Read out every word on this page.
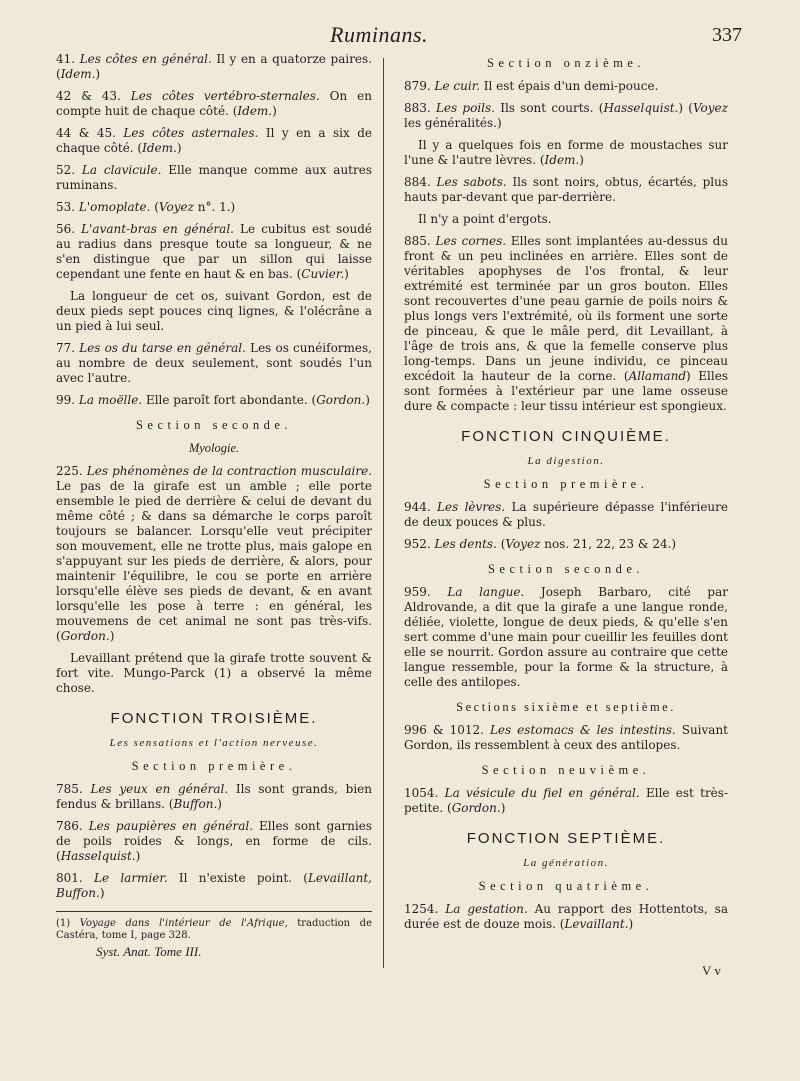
Ruminans.	337

41. Les côtes en général. Il y en a quatorze paires. (Idem.)

42 & 43. Les côtes vertébro-sternales. On en compte huit de chaque côté. (Idem.)

44 & 45. Les côtes asternales. Il y en a six de chaque côté. (Idem.)

52. La clavicule. Elle manque comme aux autres ruminans.

53. L'omoplate. (Voyez n°. 1.)

56. L'avant-bras en général. Le cubitus est soudé au radius dans presque toute sa longueur, & ne s'en distingue que par un sillon qui laisse cependant une fente en haut & en bas. (Cuvier.)

La longueur de cet os, suivant Gordon, est de deux pieds sept pouces cinq lignes, & l'olécrâne a un pied à lui seul.

77. Les os du tarse en général. Les os cunéiformes, au nombre de deux seulement, sont soudés l'un avec l'autre.

99. La moëlle. Elle paroît fort abondante. (Gordon.)

Section seconde.
Myologie.

225. Les phénomènes de la contraction musculaire. Le pas de la girafe est un amble ; elle porte ensemble le pied de derrière & celui de devant du même côté ; & dans sa démarche le corps paroît toujours se balancer. Lorsqu'elle veut précipiter son mouvement, elle ne trotte plus, mais galope en s'appuyant sur les pieds de derrière, & alors, pour maintenir l'équilibre, le cou se porte en arrière lorsqu'elle élève ses pieds de devant, & en avant lorsqu'elle les pose à terre : en général, les mouvemens de cet animal ne sont pas très-vifs. (Gordon.)

Levaillant prétend que la girafe trotte souvent & fort vite. Mungo-Parck (1) a observé la même chose.

FONCTION TROISIÈME.
Les sensations et l'action nerveuse.
Section première.

785. Les yeux en général. Ils sont grands, bien fendus & brillans. (Buffon.)

786. Les paupières en général. Elles sont garnies de poils roides & longs, en forme de cils. (Hasselquist.)

801. Le larmier. Il n'existe point. (Levaillant, Buffon.)

(1) Voyage dans l'intérieur de l'Afrique, traduction de Castéra, tome I, page 328.

Syst. Anat. Tome III.
Section onzième.

879. Le cuir. Il est épais d'un demi-pouce.

883. Les poils. Ils sont courts. (Hasselquist.) (Voyez les généralités.)

Il y a quelques fois en forme de moustaches sur l'une & l'autre lèvres. (Idem.)

884. Les sabots. Ils sont noirs, obtus, écartés, plus hauts par-devant que par-derrière.

Il n'y a point d'ergots.

885. Les cornes. Elles sont implantées au-dessus du front & un peu inclinées en arrière. Elles sont de véritables apophyses de l'os frontal, & leur extrémité est terminée par un gros bouton. Elles sont recouvertes d'une peau garnie de poils noirs & plus longs vers l'extrémité, où ils forment une sorte de pinceau, & que le mâle perd, dit Levaillant, à l'âge de trois ans, & que la femelle conserve plus long-temps. Dans un jeune individu, ce pinceau excédoit la hauteur de la corne. (Allamand) Elles sont formées à l'extérieur par une lame osseuse dure & compacte : leur tissu intérieur est spongieux.

FONCTION CINQUIÈME.
La digestion.
Section première.

944. Les lèvres. La supérieure dépasse l'inférieure de deux pouces & plus.

952. Les dents. (Voyez nos. 21, 22, 23 & 24.)

Section seconde.

959. La langue. Joseph Barbaro, cité par Aldrovande, a dit que la girafe a une langue ronde, déliée, violette, longue de deux pieds, & qu'elle s'en sert comme d'une main pour cueillir les feuilles dont elle se nourrit. Gordon assure au contraire que cette langue ressemble, pour la forme & la structure, à celle des antilopes.

Sections sixième et septième.

996 & 1012. Les estomacs & les intestins. Suivant Gordon, ils ressemblent à ceux des antilopes.

Section neuvième.

1054. La vésicule du fiel en général. Elle est très-petite. (Gordon.)

FONCTION SEPTIÈME.
La génération.
Section quatrième.

1254. La gestation. Au rapport des Hottentots, sa durée est de douze mois. (Levaillant.)

V v
